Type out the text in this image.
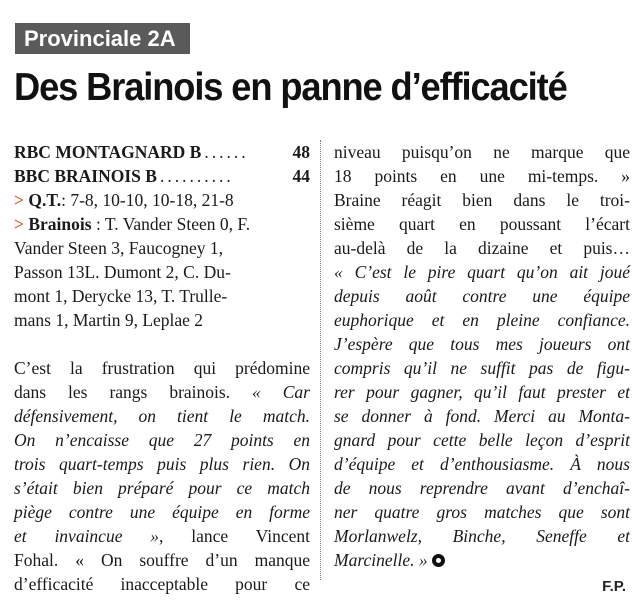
Provinciale 2A
Des Brainois en panne d’efficacité
RBC MONTAGNARD B ......	48
BBC BRAINOIS B ..........	44
> Q.T.: 7-8, 10-10, 10-18, 21-8
> Brainois : T. Vander Steen 0, F.
Vander Steen 3, Faucogney 1,
Passon 13L. Dumont 2, C. Du-
mont 1, Derycke 13, T. Trulle-
mans 1, Martin 9, Leplae 2
C’est la frustration qui prédomine
dans les rangs brainois. « Car
défensivement, on tient le match.
On n’encaisse que 27 points en
trois quart-temps puis plus rien. On
s’était bien préparé pour ce match
piège contre une équipe en forme
et invaincue », lance Vincent
Fohal. « On souffre d’un manque
d’efficacité inacceptable pour ce
niveau puisqu’on ne marque que
18 points en une mi-temps. »
Braine réagit bien dans le troi-
sième quart en poussant l’écart
au-delà de la dizaine et puis…
« C’est le pire quart qu’on ait joué
depuis août contre une équipe
euphorique et en pleine confiance.
J’espère que tous mes joueurs ont
compris qu’il ne suffit pas de figu-
rer pour gagner, qu’il faut prester et
se donner à fond. Merci au Monta-
gnard pour cette belle leçon d’esprit
d’équipe et d’enthousiasme. À nous
de nous reprendre avant d’enchaî-
ner quatre gros matches que sont
Morlanwelz, Binche, Seneffe et
Marcinelle. »
F.P.
